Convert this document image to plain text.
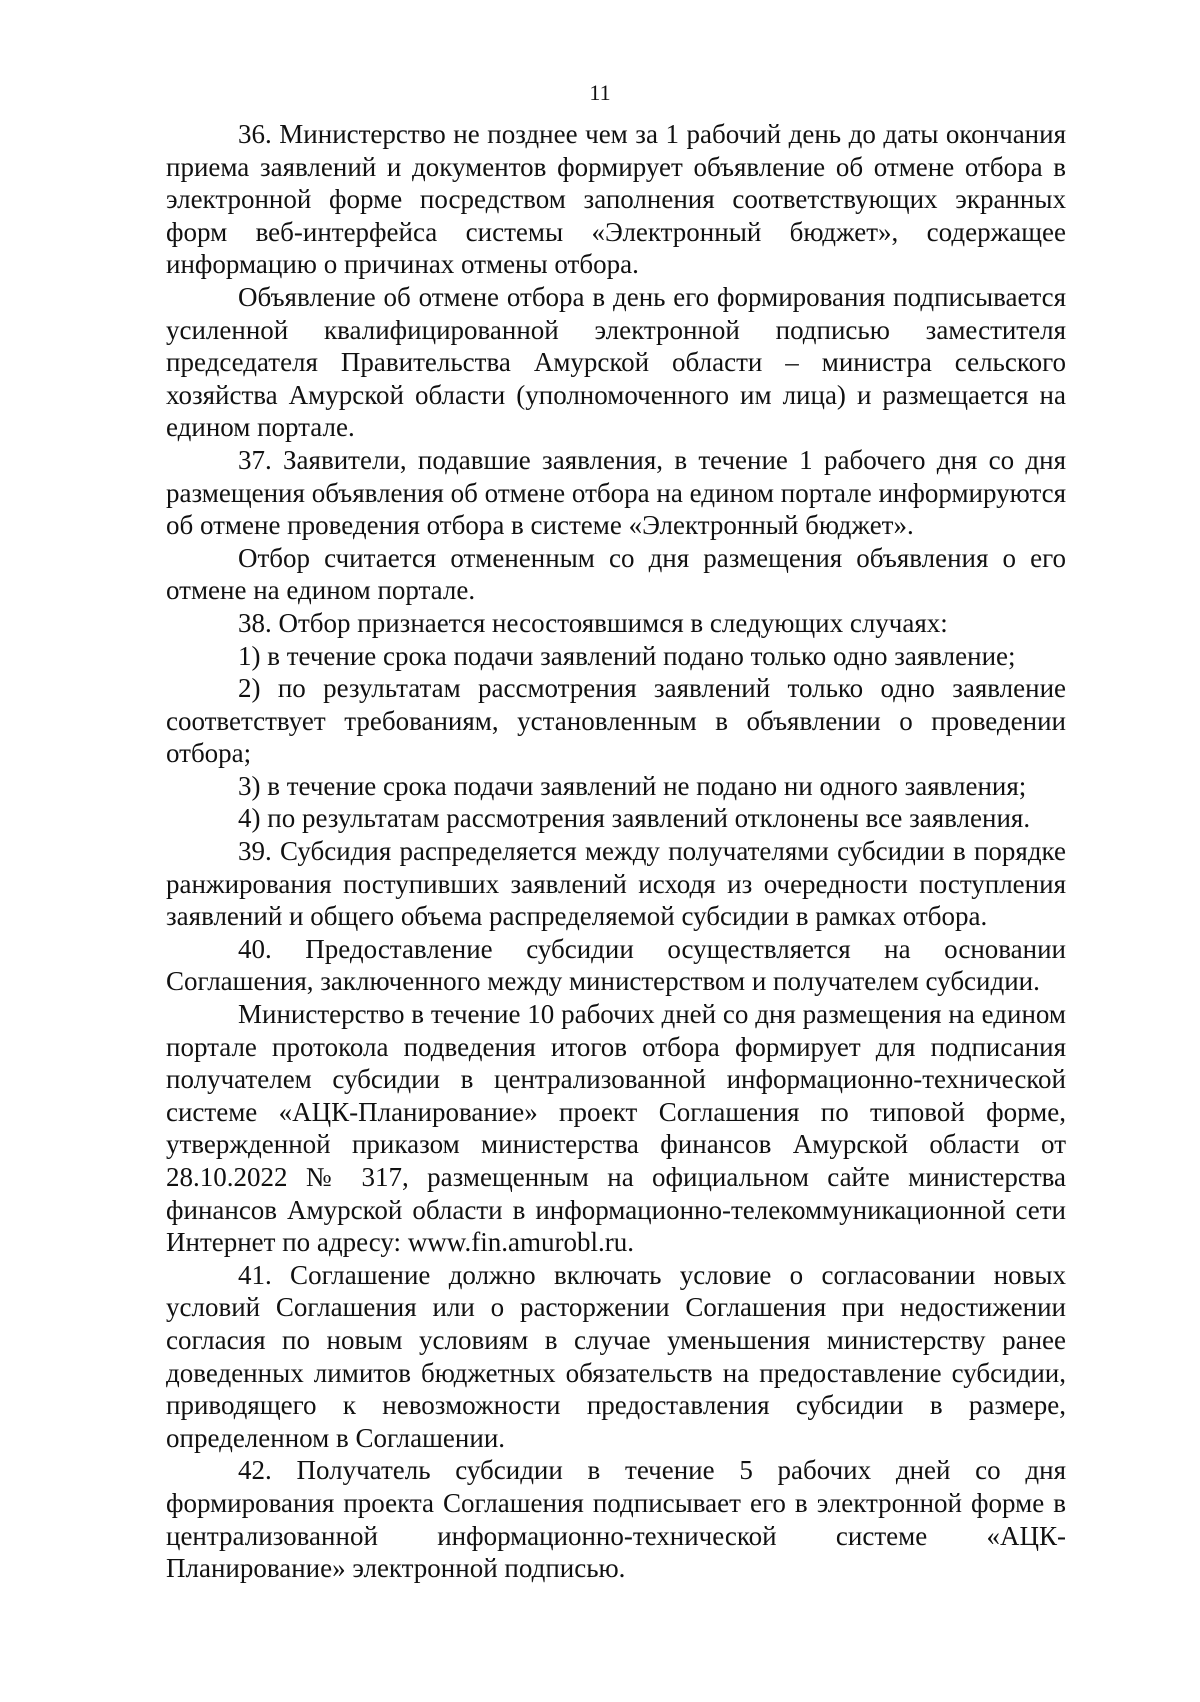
11

36. Министерство не позднее чем за 1 рабочий день до даты окончания приема заявлений и документов формирует объявление об отмене отбора в электронной форме посредством заполнения соответствующих экранных форм веб-интерфейса системы «Электронный бюджет», содержащее информацию о причинах отмены отбора.

Объявление об отмене отбора в день его формирования подписывается усиленной квалифицированной электронной подписью заместителя председателя Правительства Амурской области – министра сельского хозяйства Амурской области (уполномоченного им лица) и размещается на едином портале.

37. Заявители, подавшие заявления, в течение 1 рабочего дня со дня размещения объявления об отмене отбора на едином портале информируются об отмене проведения отбора в системе «Электронный бюджет».

Отбор считается отмененным со дня размещения объявления о его отмене на едином портале.

38. Отбор признается несостоявшимся в следующих случаях:

1) в течение срока подачи заявлений подано только одно заявление;

2) по результатам рассмотрения заявлений только одно заявление соответствует требованиям, установленным в объявлении о проведении отбора;

3) в течение срока подачи заявлений не подано ни одного заявления;

4) по результатам рассмотрения заявлений отклонены все заявления.

39. Субсидия распределяется между получателями субсидии в порядке ранжирования поступивших заявлений исходя из очередности поступления заявлений и общего объема распределяемой субсидии в рамках отбора.

40. Предоставление субсидии осуществляется на основании Соглашения, заключенного между министерством и получателем субсидии.

Министерство в течение 10 рабочих дней со дня размещения на едином портале протокола подведения итогов отбора формирует для подписания получателем субсидии в централизованной информационно-технической системе «АЦК-Планирование» проект Соглашения по типовой форме, утвержденной приказом министерства финансов Амурской области от 28.10.2022 № 317, размещенным на официальном сайте министерства финансов Амурской области в информационно-телекоммуникационной сети Интернет по адресу: www.fin.amurobl.ru.

41. Соглашение должно включать условие о согласовании новых условий Соглашения или о расторжении Соглашения при недостижении согласия по новым условиям в случае уменьшения министерству ранее доведенных лимитов бюджетных обязательств на предоставление субсидии, приводящего к невозможности предоставления субсидии в размере, определенном в Соглашении.

42. Получатель субсидии в течение 5 рабочих дней со дня формирования проекта Соглашения подписывает его в электронной форме в централизованной информационно-технической системе «АЦК-Планирование» электронной подписью.
